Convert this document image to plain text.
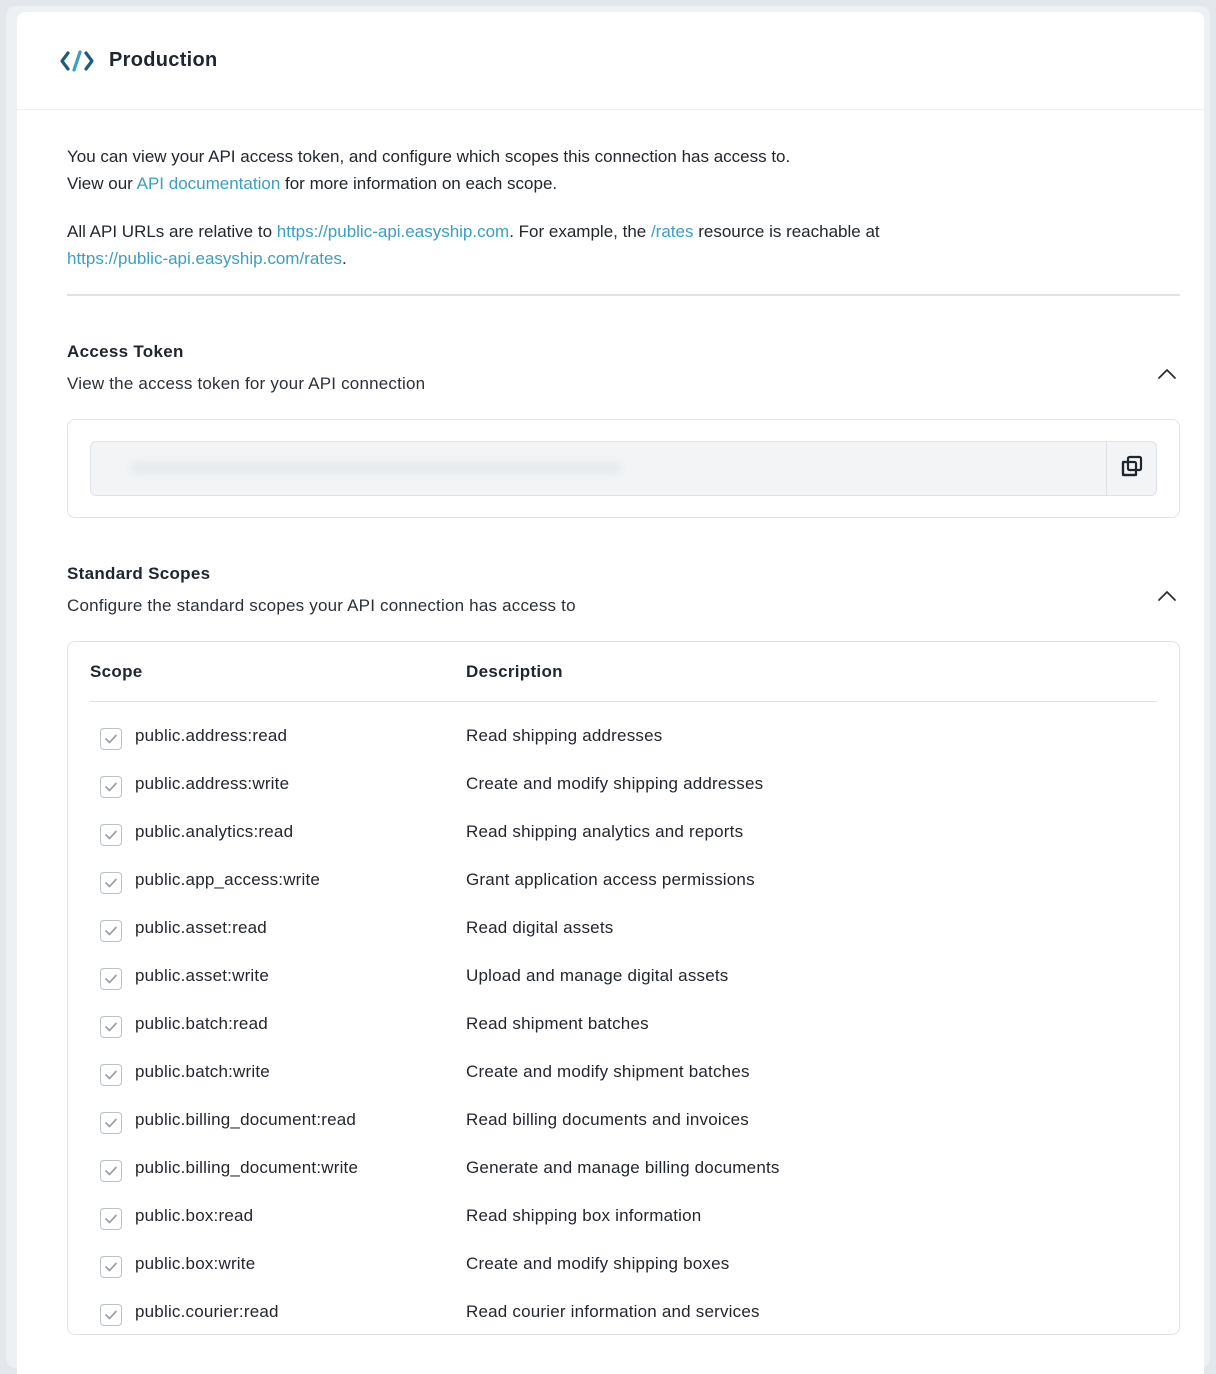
Production

You can view your API access token, and configure which scopes this connection has access to.
View our API documentation for more information on each scope.

All API URLs are relative to https://public-api.easyship.com. For example, the /rates resource is reachable at
https://public-api.easyship.com/rates.

Access Token
View the access token for your API connection
Standard Scopes
Configure the standard scopes your API connection has access to
Scope	Description
public.address:read	Read shipping addresses
public.address:write	Create and modify shipping addresses
public.analytics:read	Read shipping analytics and reports
public.app_access:write	Grant application access permissions
public.asset:read	Read digital assets
public.asset:write	Upload and manage digital assets
public.batch:read	Read shipment batches
public.batch:write	Create and modify shipment batches
public.billing_document:read	Read billing documents and invoices
public.billing_document:write	Generate and manage billing documents
public.box:read	Read shipping box information
public.box:write	Create and modify shipping boxes
public.courier:read	Read courier information and services
